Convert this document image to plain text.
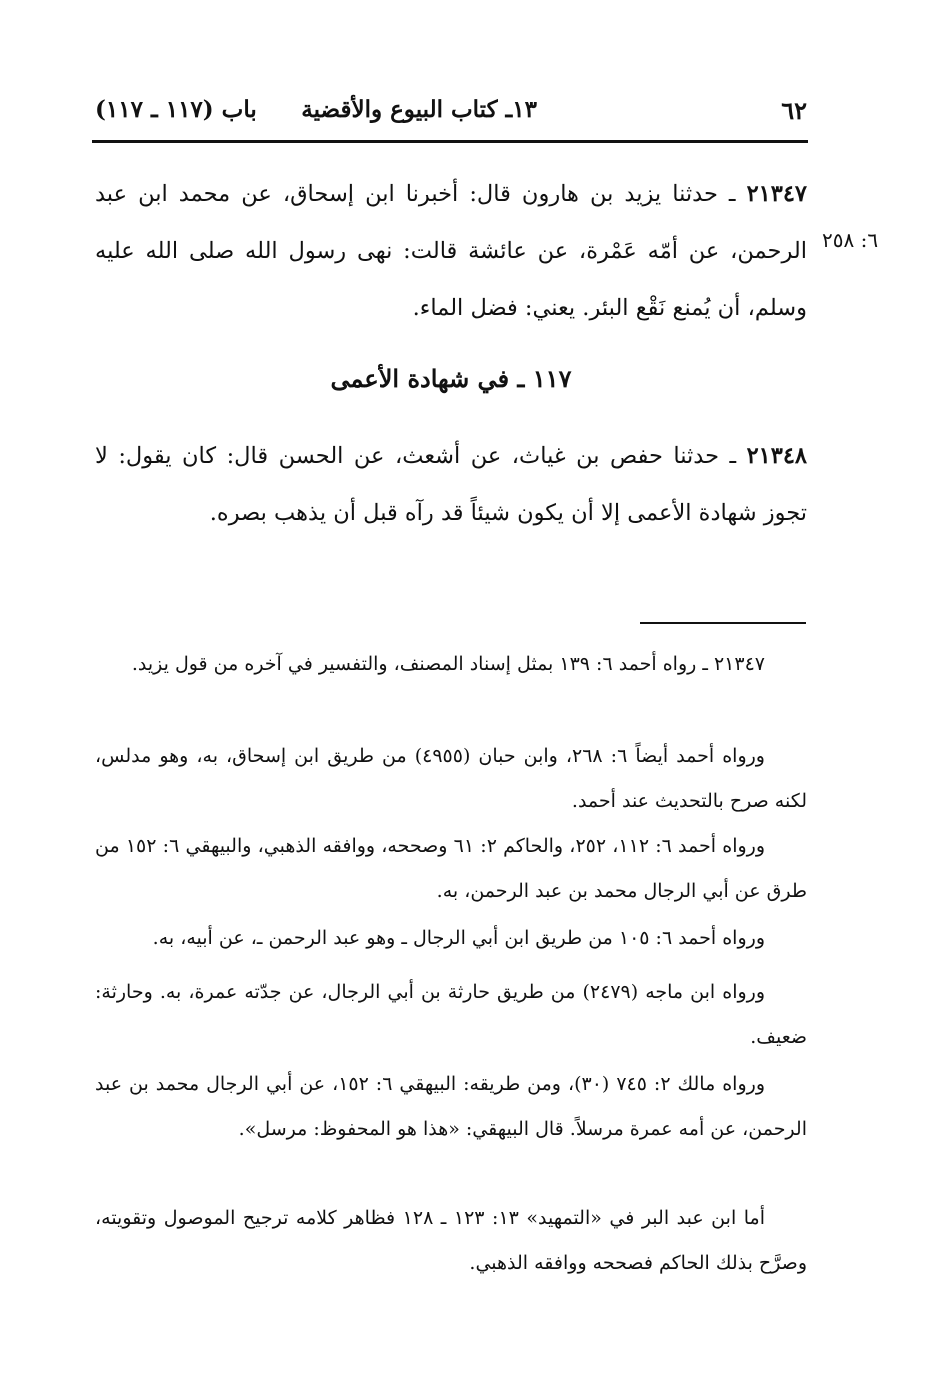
٦٢
١٣ـ كتاب البيوع والأقضية
باب (١١٧ ـ ١١٧)
٦: ٢٥٨
٢١٣٤٧ ـ حدثنا يزيد بن هارون قال: أخبرنا ابن إسحاق، عن محمد ابن عبد الرحمن، عن أمّه عَمْرة، عن عائشة قالت: نهى رسول الله صلى الله عليه وسلم، أن يُمنع نَقْع البئر. يعني: فضل الماء.
١١٧ ـ في شهادة الأعمى
٢١٣٤٨ ـ حدثنا حفص بن غياث، عن أشعث، عن الحسن قال: كان يقول: لا تجوز شهادة الأعمى إلا أن يكون شيئاً قد رآه قبل أن يذهب بصره.
٢١٣٤٧ ـ رواه أحمد ٦: ١٣٩ بمثل إسناد المصنف، والتفسير في آخره من قول يزيد.
ورواه أحمد أيضاً ٦: ٢٦٨، وابن حبان (٤٩٥٥) من طريق ابن إسحاق، به، وهو مدلس، لكنه صرح بالتحديث عند أحمد.
ورواه أحمد ٦: ١١٢، ٢٥٢، والحاكم ٢: ٦١ وصححه، ووافقه الذهبي، والبيهقي ٦: ١٥٢ من طرق عن أبي الرجال محمد بن عبد الرحمن، به.
ورواه أحمد ٦: ١٠٥ من طريق ابن أبي الرجال ـ وهو عبد الرحمن ـ، عن أبيه، به.
ورواه ابن ماجه (٢٤٧٩) من طريق حارثة بن أبي الرجال، عن جدّته عمرة، به. وحارثة: ضعيف.
ورواه مالك ٢: ٧٤٥ (٣٠)، ومن طريقه: البيهقي ٦: ١٥٢، عن أبي الرجال محمد بن عبد الرحمن، عن أمه عمرة مرسلاً. قال البيهقي: «هذا هو المحفوظ: مرسل».
أما ابن عبد البر في «التمهيد» ١٣: ١٢٣ ـ ١٢٨ فظاهر كلامه ترجيح الموصول وتقويته، وصرَّح بذلك الحاكم فصححه ووافقه الذهبي.
